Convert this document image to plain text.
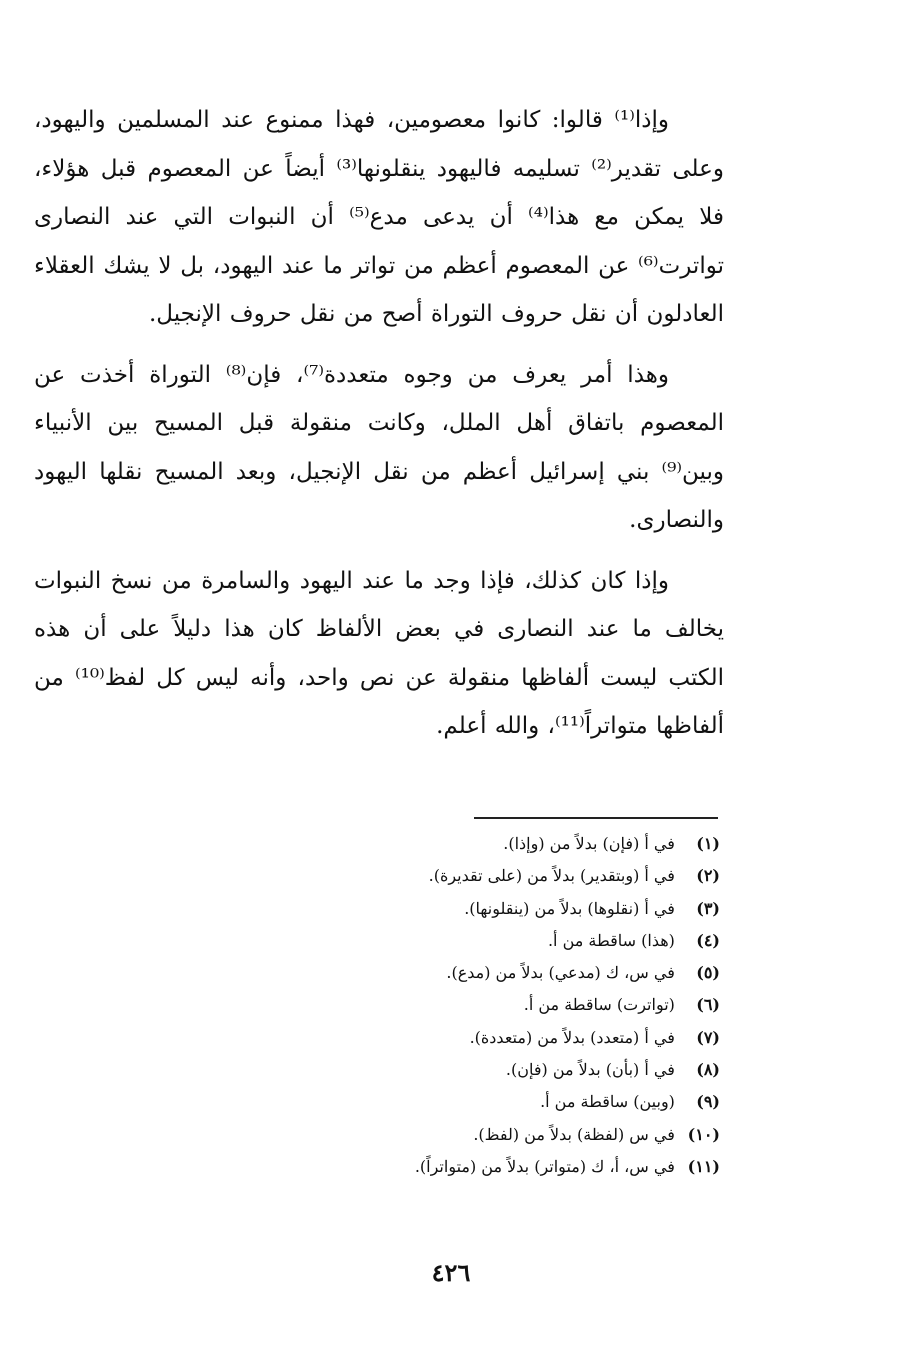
وإذا⁽¹⁾ قالوا: كانوا معصومين، فهذا ممنوع عند المسلمين واليهود، وعلى تقدير⁽²⁾ تسليمه فاليهود ينقلونها⁽³⁾ أيضاً عن المعصوم قبل هؤلاء، فلا يمكن مع هذا⁽⁴⁾ أن يدعى مدع⁽⁵⁾ أن النبوات التي عند النصارى تواترت⁽⁶⁾ عن المعصوم أعظم من تواتر ما عند اليهود، بل لا يشك العقلاء العادلون أن نقل حروف التوراة أصح من نقل حروف الإنجيل.

وهذا أمر يعرف من وجوه متعددة⁽⁷⁾، فإن⁽⁸⁾ التوراة أخذت عن المعصوم باتفاق أهل الملل، وكانت منقولة قبل المسيح بين الأنبياء وبين⁽⁹⁾ بني إسرائيل أعظم من نقل الإنجيل، وبعد المسيح نقلها اليهود والنصارى.

وإذا كان كذلك، فإذا وجد ما عند اليهود والسامرة من نسخ النبوات يخالف ما عند النصارى في بعض الألفاظ كان هذا دليلاً على أن هذه الكتب ليست ألفاظها منقولة عن نص واحد، وأنه ليس كل لفظ⁽¹⁰⁾ من ألفاظها متواتراً⁽¹¹⁾، والله أعلم.

(١) في أ (فإن) بدلاً من (وإذا).
(٢) في أ (وبتقدير) بدلاً من (على تقديرة).
(٣) في أ (نقلوها) بدلاً من (ينقلونها).
(٤) (هذا) ساقطة من أ.
(٥) في س، ك (مدعي) بدلاً من (مدع).
(٦) (تواترت) ساقطة من أ.
(٧) في أ (متعدد) بدلاً من (متعددة).
(٨) في أ (بأن) بدلاً من (فإن).
(٩) (وبين) ساقطة من أ.
(١٠) في س (لفظة) بدلاً من (لفظ).
(١١) في س، أ، ك (متواتر) بدلاً من (متواتراً).
٤٢٦
